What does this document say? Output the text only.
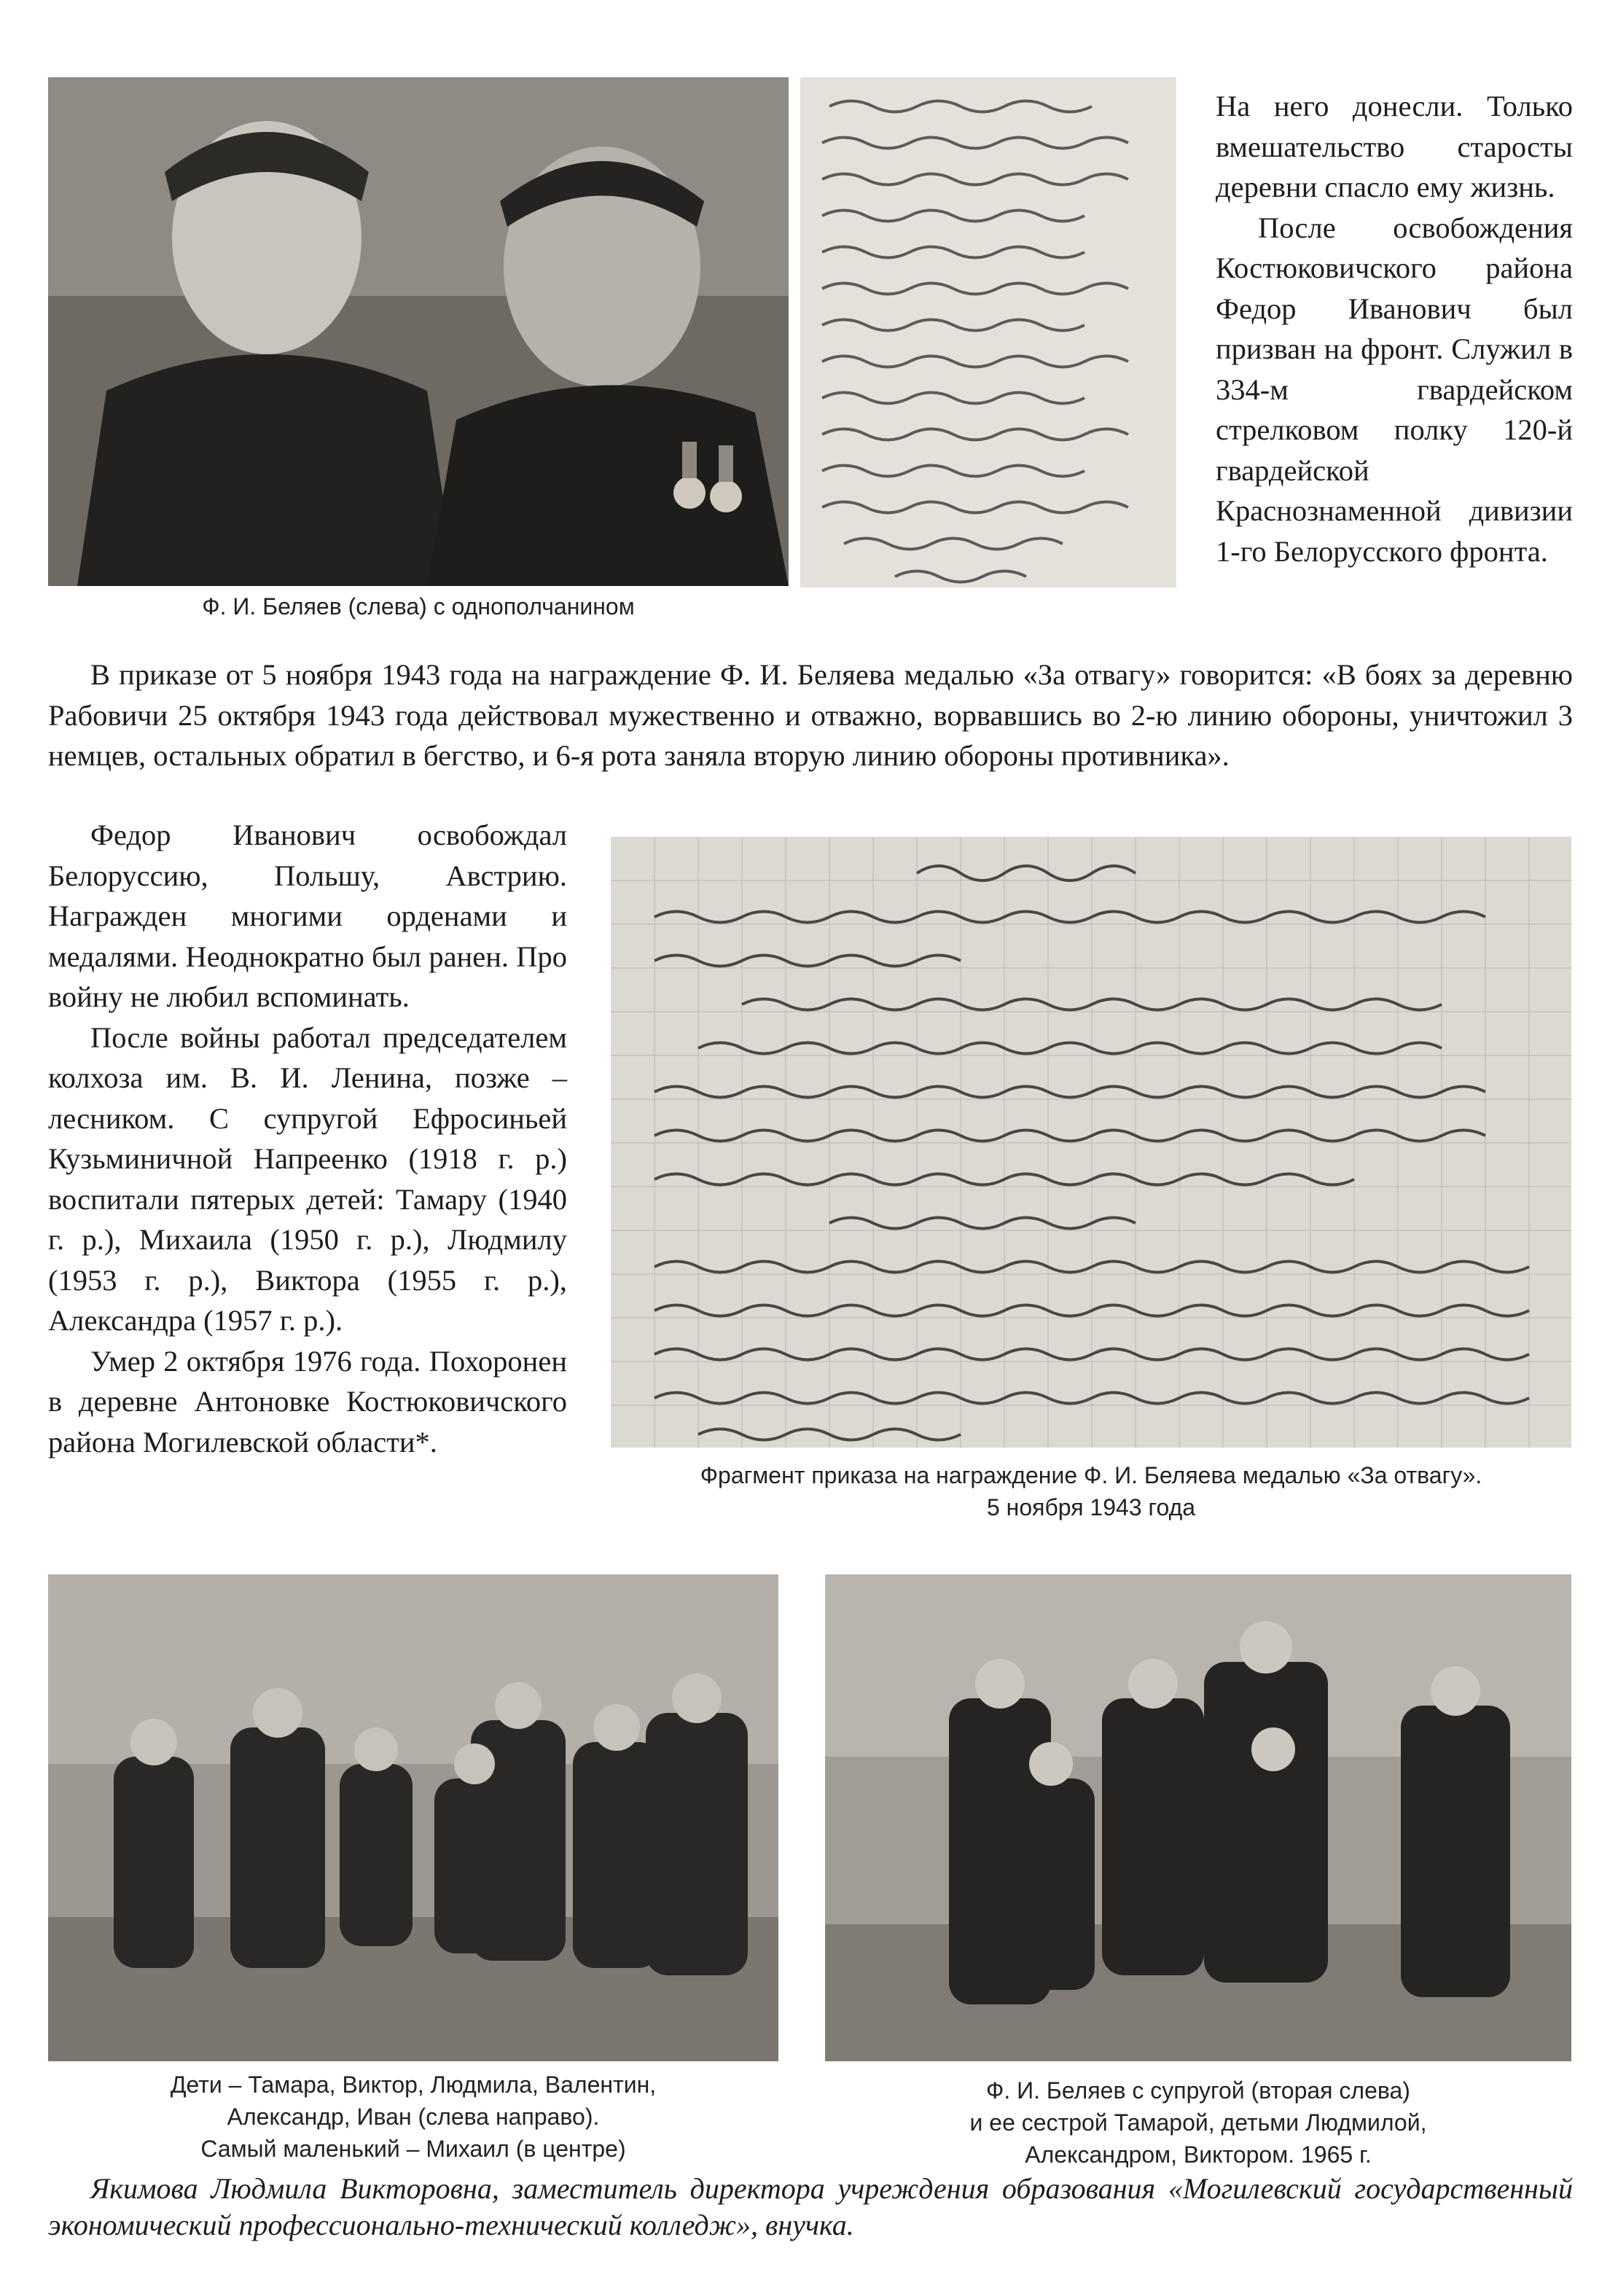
Ф. И. Беляев (слева) с однополчанином

На него донесли. Только вмешательство старосты деревни спасло ему жизнь.

После освобождения Костюковичского района Федор Иванович был призван на фронт. Служил в 334-м гвардейском стрелковом полку 120-й гвардейской Краснознаменной дивизии 1-го Белорусского фронта.

В приказе от 5 ноября 1943 года на награждение Ф. И. Беляева медалью «За отвагу» говорится: «В боях за деревню Рабовичи 25 октября 1943 года действовал мужественно и отважно, ворвавшись во 2-ю линию обороны, уничтожил 3 немцев, остальных обратил в бегство, и 6-я рота заняла вторую линию обороны противника».

Федор Иванович освобождал Белоруссию, Польшу, Австрию. Награжден многими орденами и медалями. Неоднократно был ранен. Про войну не любил вспоминать.

После войны работал председателем колхоза им. В. И. Ленина, позже – лесником. С супругой Ефросиньей Кузьминичной Напреенко (1918 г. р.) воспитали пятерых детей: Тамару (1940 г. р.), Михаила (1950 г. р.), Людмилу (1953 г. р.), Виктора (1955 г. р.), Александра (1957 г. р.).

Умер 2 октября 1976 года. Похоронен в деревне Антоновке Костюковичского района Могилевской области*.

Фрагмент приказа на награждение Ф. И. Беляева медалью «За отвагу».
5 ноября 1943 года
Дети – Тамара, Виктор, Людмила, Валентин,
Александр, Иван (слева направо).
Самый маленький – Михаил (в центре)
Ф. И. Беляев с супругой (вторая слева)
и ее сестрой Тамарой, детьми Людмилой,
Александром, Виктором. 1965 г.

Якимова Людмила Викторовна, заместитель директора учреждения образования «Могилевский государственный экономический профессионально-технический колледж», внучка.
